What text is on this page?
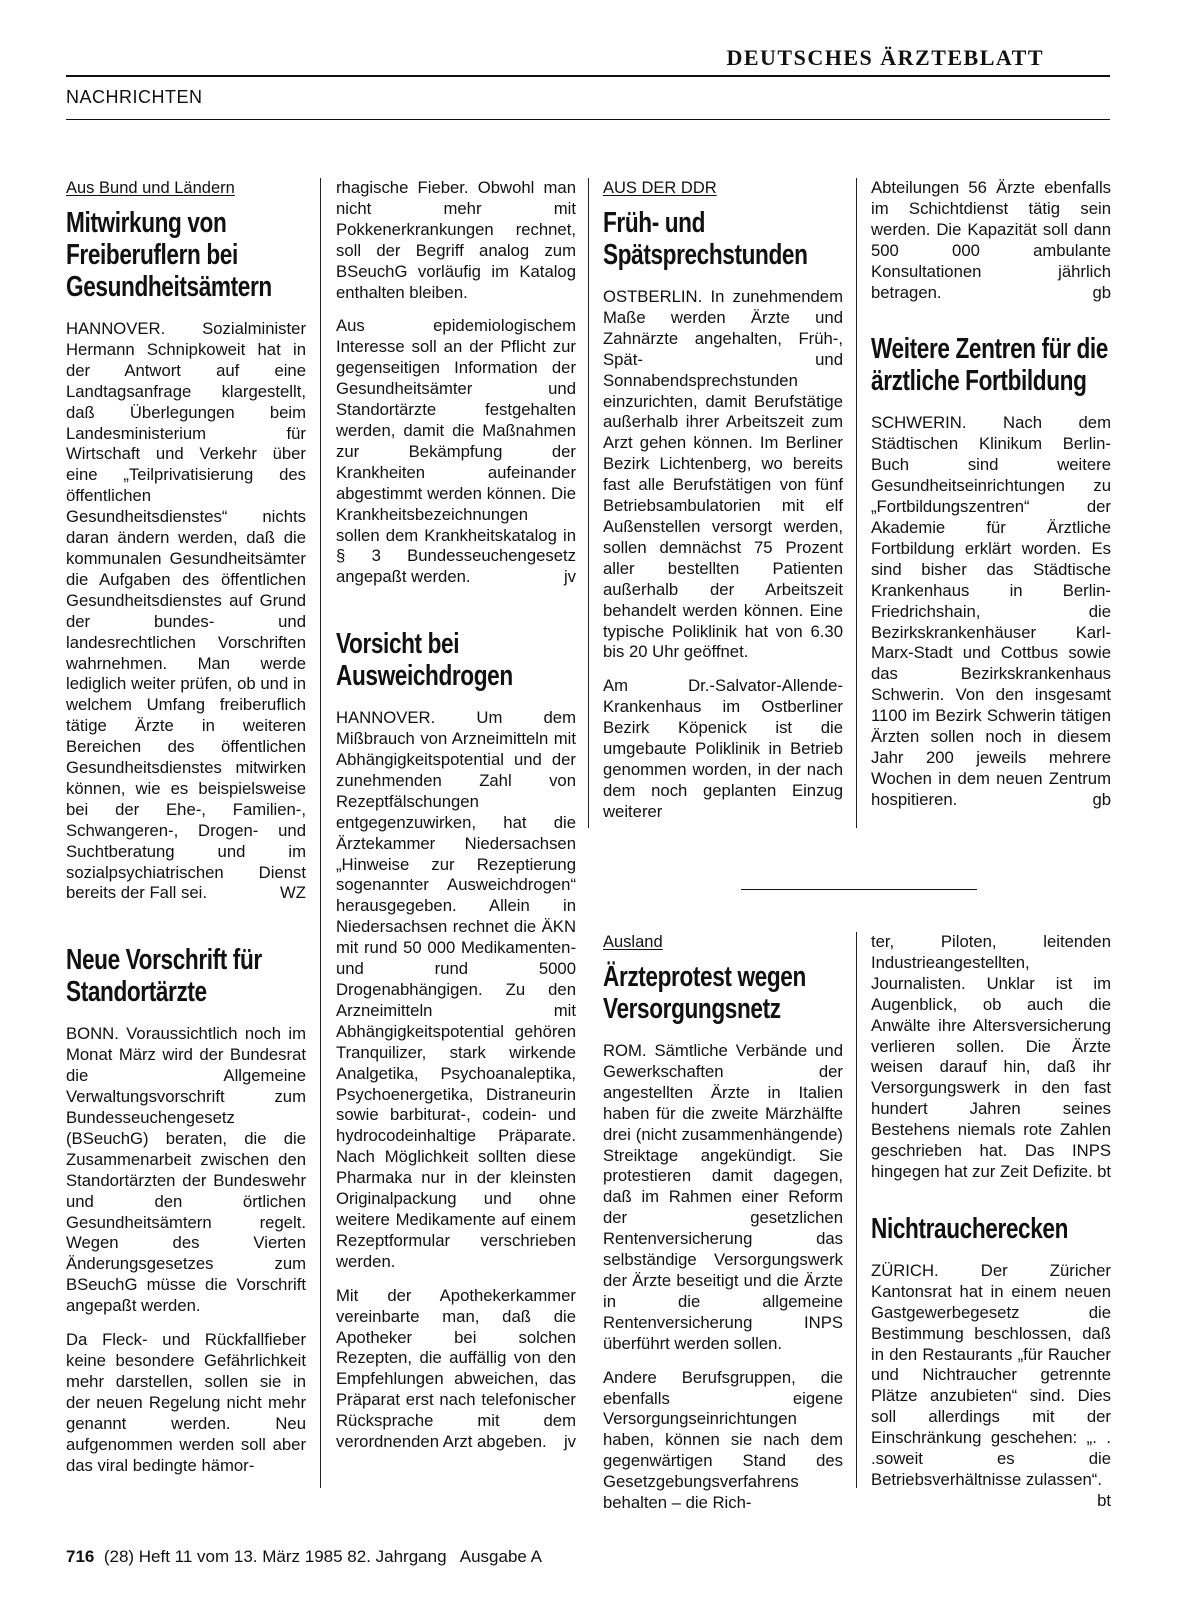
DEUTSCHES ÄRZTEBLATT
NACHRICHTEN
Aus Bund und Ländern
Mitwirkung von Freiberuflern bei Gesundheitsämtern

HANNOVER. Sozialminister Hermann Schnipkoweit hat in der Antwort auf eine Landtagsanfrage klargestellt, daß Überlegungen beim Landesministerium für Wirtschaft und Verkehr über eine „Teilprivatisierung des öffentlichen Gesundheitsdienstes“ nichts daran ändern werden, daß die kommunalen Gesundheitsämter die Aufgaben des öffentlichen Gesundheitsdienstes auf Grund der bundes- und landesrechtlichen Vorschriften wahrnehmen. Man werde lediglich weiter prüfen, ob und in welchem Umfang freiberuflich tätige Ärzte in weiteren Bereichen des öffentlichen Gesundheitsdienstes mitwirken können, wie es beispielsweise bei der Ehe-, Familien-, Schwangeren-, Drogen- und Suchtberatung und im sozialpsychiatrischen Dienst bereits der Fall sei.	WZ

Neue Vorschrift für Standortärzte

BONN. Voraussichtlich noch im Monat März wird der Bundesrat die Allgemeine Verwaltungsvorschrift zum Bundesseuchengesetz (BSeuchG) beraten, die die Zusammenarbeit zwischen den Standortärzten der Bundeswehr und den örtlichen Gesundheitsämtern regelt. Wegen des Vierten Änderungsgesetzes zum BSeuchG müsse die Vorschrift angepaßt werden.

Da Fleck- und Rückfallfieber keine besondere Gefährlichkeit mehr darstellen, sollen sie in der neuen Regelung nicht mehr genannt werden. Neu aufgenommen werden soll aber das viral bedingte hämor-

rhagische Fieber. Obwohl man nicht mehr mit Pokkenerkrankungen rechnet, soll der Begriff analog zum BSeuchG vorläufig im Katalog enthalten bleiben.

Aus epidemiologischem Interesse soll an der Pflicht zur gegenseitigen Information der Gesundheitsämter und Standortärzte festgehalten werden, damit die Maßnahmen zur Bekämpfung der Krankheiten aufeinander abgestimmt werden können. Die Krankheitsbezeichnungen sollen dem Krankheitskatalog in § 3 Bundesseuchengesetz angepaßt werden.	jv

Vorsicht bei Ausweichdrogen

HANNOVER. Um dem Mißbrauch von Arzneimitteln mit Abhängigkeitspotential und der zunehmenden Zahl von Rezeptfälschungen entgegenzuwirken, hat die Ärztekammer Niedersachsen „Hinweise zur Rezeptierung sogenannter Ausweichdrogen“ herausgegeben. Allein in Niedersachsen rechnet die ÄKN mit rund 50 000 Medikamenten- und rund 5000 Drogenabhängigen. Zu den Arzneimitteln mit Abhängigkeitspotential gehören Tranquilizer, stark wirkende Analgetika, Psychoanaleptika, Psychoenergetika, Distraneurin sowie barbiturat-, codein- und hydrocodeinhaltige Präparate. Nach Möglichkeit sollten diese Pharmaka nur in der kleinsten Originalpackung und ohne weitere Medikamente auf einem Rezeptformular verschrieben werden.

Mit der Apothekerkammer vereinbarte man, daß die Apotheker bei solchen Rezepten, die auffällig von den Empfehlungen abweichen, das Präparat erst nach telefonischer Rücksprache mit dem verordnenden Arzt abgeben. jv

AUS DER DDR
Früh- und Spätsprechstunden

OSTBERLIN. In zunehmendem Maße werden Ärzte und Zahnärzte angehalten, Früh-, Spät- und Sonnabendsprechstunden einzurichten, damit Berufstätige außerhalb ihrer Arbeitszeit zum Arzt gehen können. Im Berliner Bezirk Lichtenberg, wo bereits fast alle Berufstätigen von fünf Betriebsambulatorien mit elf Außenstellen versorgt werden, sollen demnächst 75 Prozent aller bestellten Patienten außerhalb der Arbeitszeit behandelt werden können. Eine typische Poliklinik hat von 6.30 bis 20 Uhr geöffnet.

Am Dr.-Salvator-Allende-Krankenhaus im Ostberliner Bezirk Köpenick ist die umgebaute Poliklinik in Betrieb genommen worden, in der nach dem noch geplanten Einzug weiterer

Abteilungen 56 Ärzte ebenfalls im Schichtdienst tätig sein werden. Die Kapazität soll dann 500 000 ambulante Konsultationen jährlich betragen.	gb

Weitere Zentren für die ärztliche Fortbildung

SCHWERIN. Nach dem Städtischen Klinikum Berlin-Buch sind weitere Gesundheitseinrichtungen zu „Fortbildungszentren“ der Akademie für Ärztliche Fortbildung erklärt worden. Es sind bisher das Städtische Krankenhaus in Berlin-Friedrichshain, die Bezirkskrankenhäuser Karl-Marx-Stadt und Cottbus sowie das Bezirkskrankenhaus Schwerin. Von den insgesamt 1100 im Bezirk Schwerin tätigen Ärzten sollen noch in diesem Jahr 200 jeweils mehrere Wochen in dem neuen Zentrum hospitieren.	gb

Ausland
Ärzteprotest wegen Versorgungsnetz

ROM. Sämtliche Verbände und Gewerkschaften der angestellten Ärzte in Italien haben für die zweite Märzhälfte drei (nicht zusammenhängende) Streiktage angekündigt. Sie protestieren damit dagegen, daß im Rahmen einer Reform der gesetzlichen Rentenversicherung das selbständige Versorgungswerk der Ärzte beseitigt und die Ärzte in die allgemeine Rentenversicherung INPS überführt werden sollen.

Andere Berufsgruppen, die ebenfalls eigene Versorgungseinrichtungen haben, können sie nach dem gegenwärtigen Stand des Gesetzgebungsverfahrens behalten – die Rich-

ter, Piloten, leitenden Industrieangestellten, Journalisten. Unklar ist im Augenblick, ob auch die Anwälte ihre Altersversicherung verlieren sollen. Die Ärzte weisen darauf hin, daß ihr Versorgungswerk in den fast hundert Jahren seines Bestehens niemals rote Zahlen geschrieben hat. Das INPS hingegen hat zur Zeit Defizite. bt

Nichtraucherecken

ZÜRICH. Der Züricher Kantonsrat hat in einem neuen Gastgewerbegesetz die Bestimmung beschlossen, daß in den Restaurants „für Raucher und Nichtraucher getrennte Plätze anzubieten“ sind. Dies soll allerdings mit der Einschränkung geschehen: „. . .soweit es die Betriebsverhältnisse zulassen“.
bt

716 (28) Heft 11 vom 13. März 1985 82. Jahrgang   Ausgabe A
